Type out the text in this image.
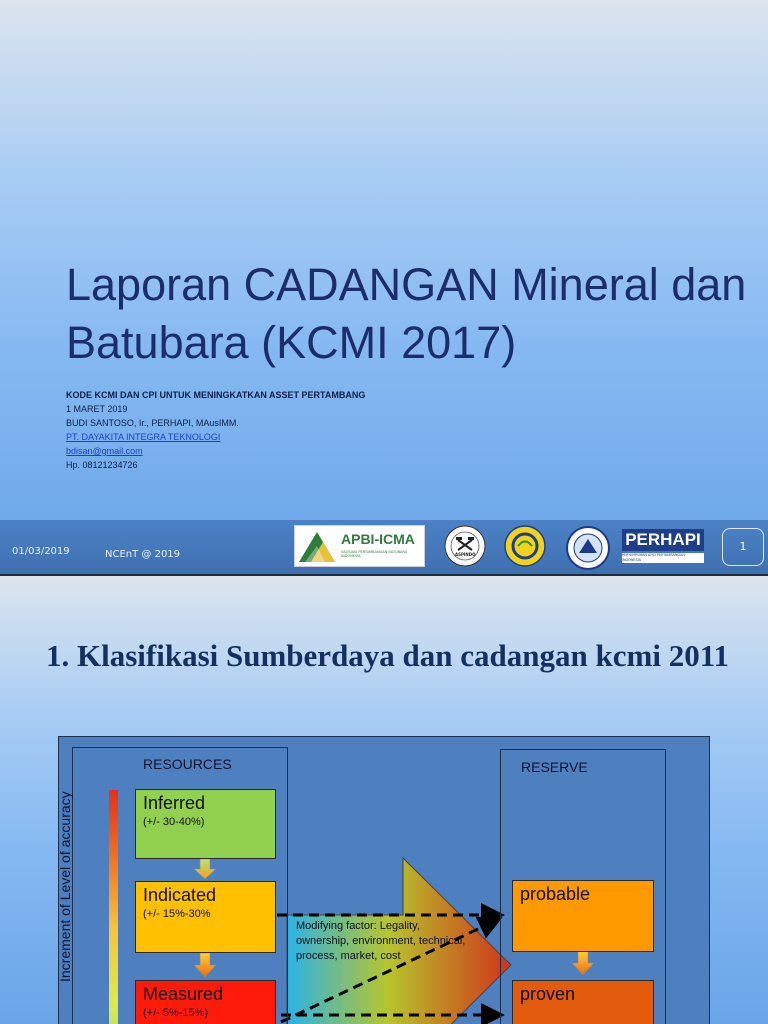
Laporan CADANGAN Mineral dan Batubara (KCMI 2017)
KODE KCMI DAN CPI UNTUK MENINGKATKAN ASSET PERTAMBANG
1 MARET 2019
BUDI SANTOSO, Ir., PERHAPI, MAusIMM.
PT. DAYAKITA INTEGRA TEKNOLOGI
bdisan@gmail.com
Hp. 08121234726
01/03/2019	NCEnT @ 2019
APBI-ICMA
ASOSIASI PERTAMBANGAN BATUBARA INDONESIA	ASPINDO
PERHAPI
PERHIMPUNAN AHLI PERTAMBANGAN INDONESIA
1
1. Klasifikasi Sumberdaya dan cadangan kcmi 2011
RESOURCES	RESERVE
Increment of Level of accuracy	Inferred
(+/- 30-40%)
Indicated
(+/- 15%-30%
Measured
(+/- 5%-15%)
probable
proven
Modifying factor: Legality, ownership, environment, technical, process, market, cost
